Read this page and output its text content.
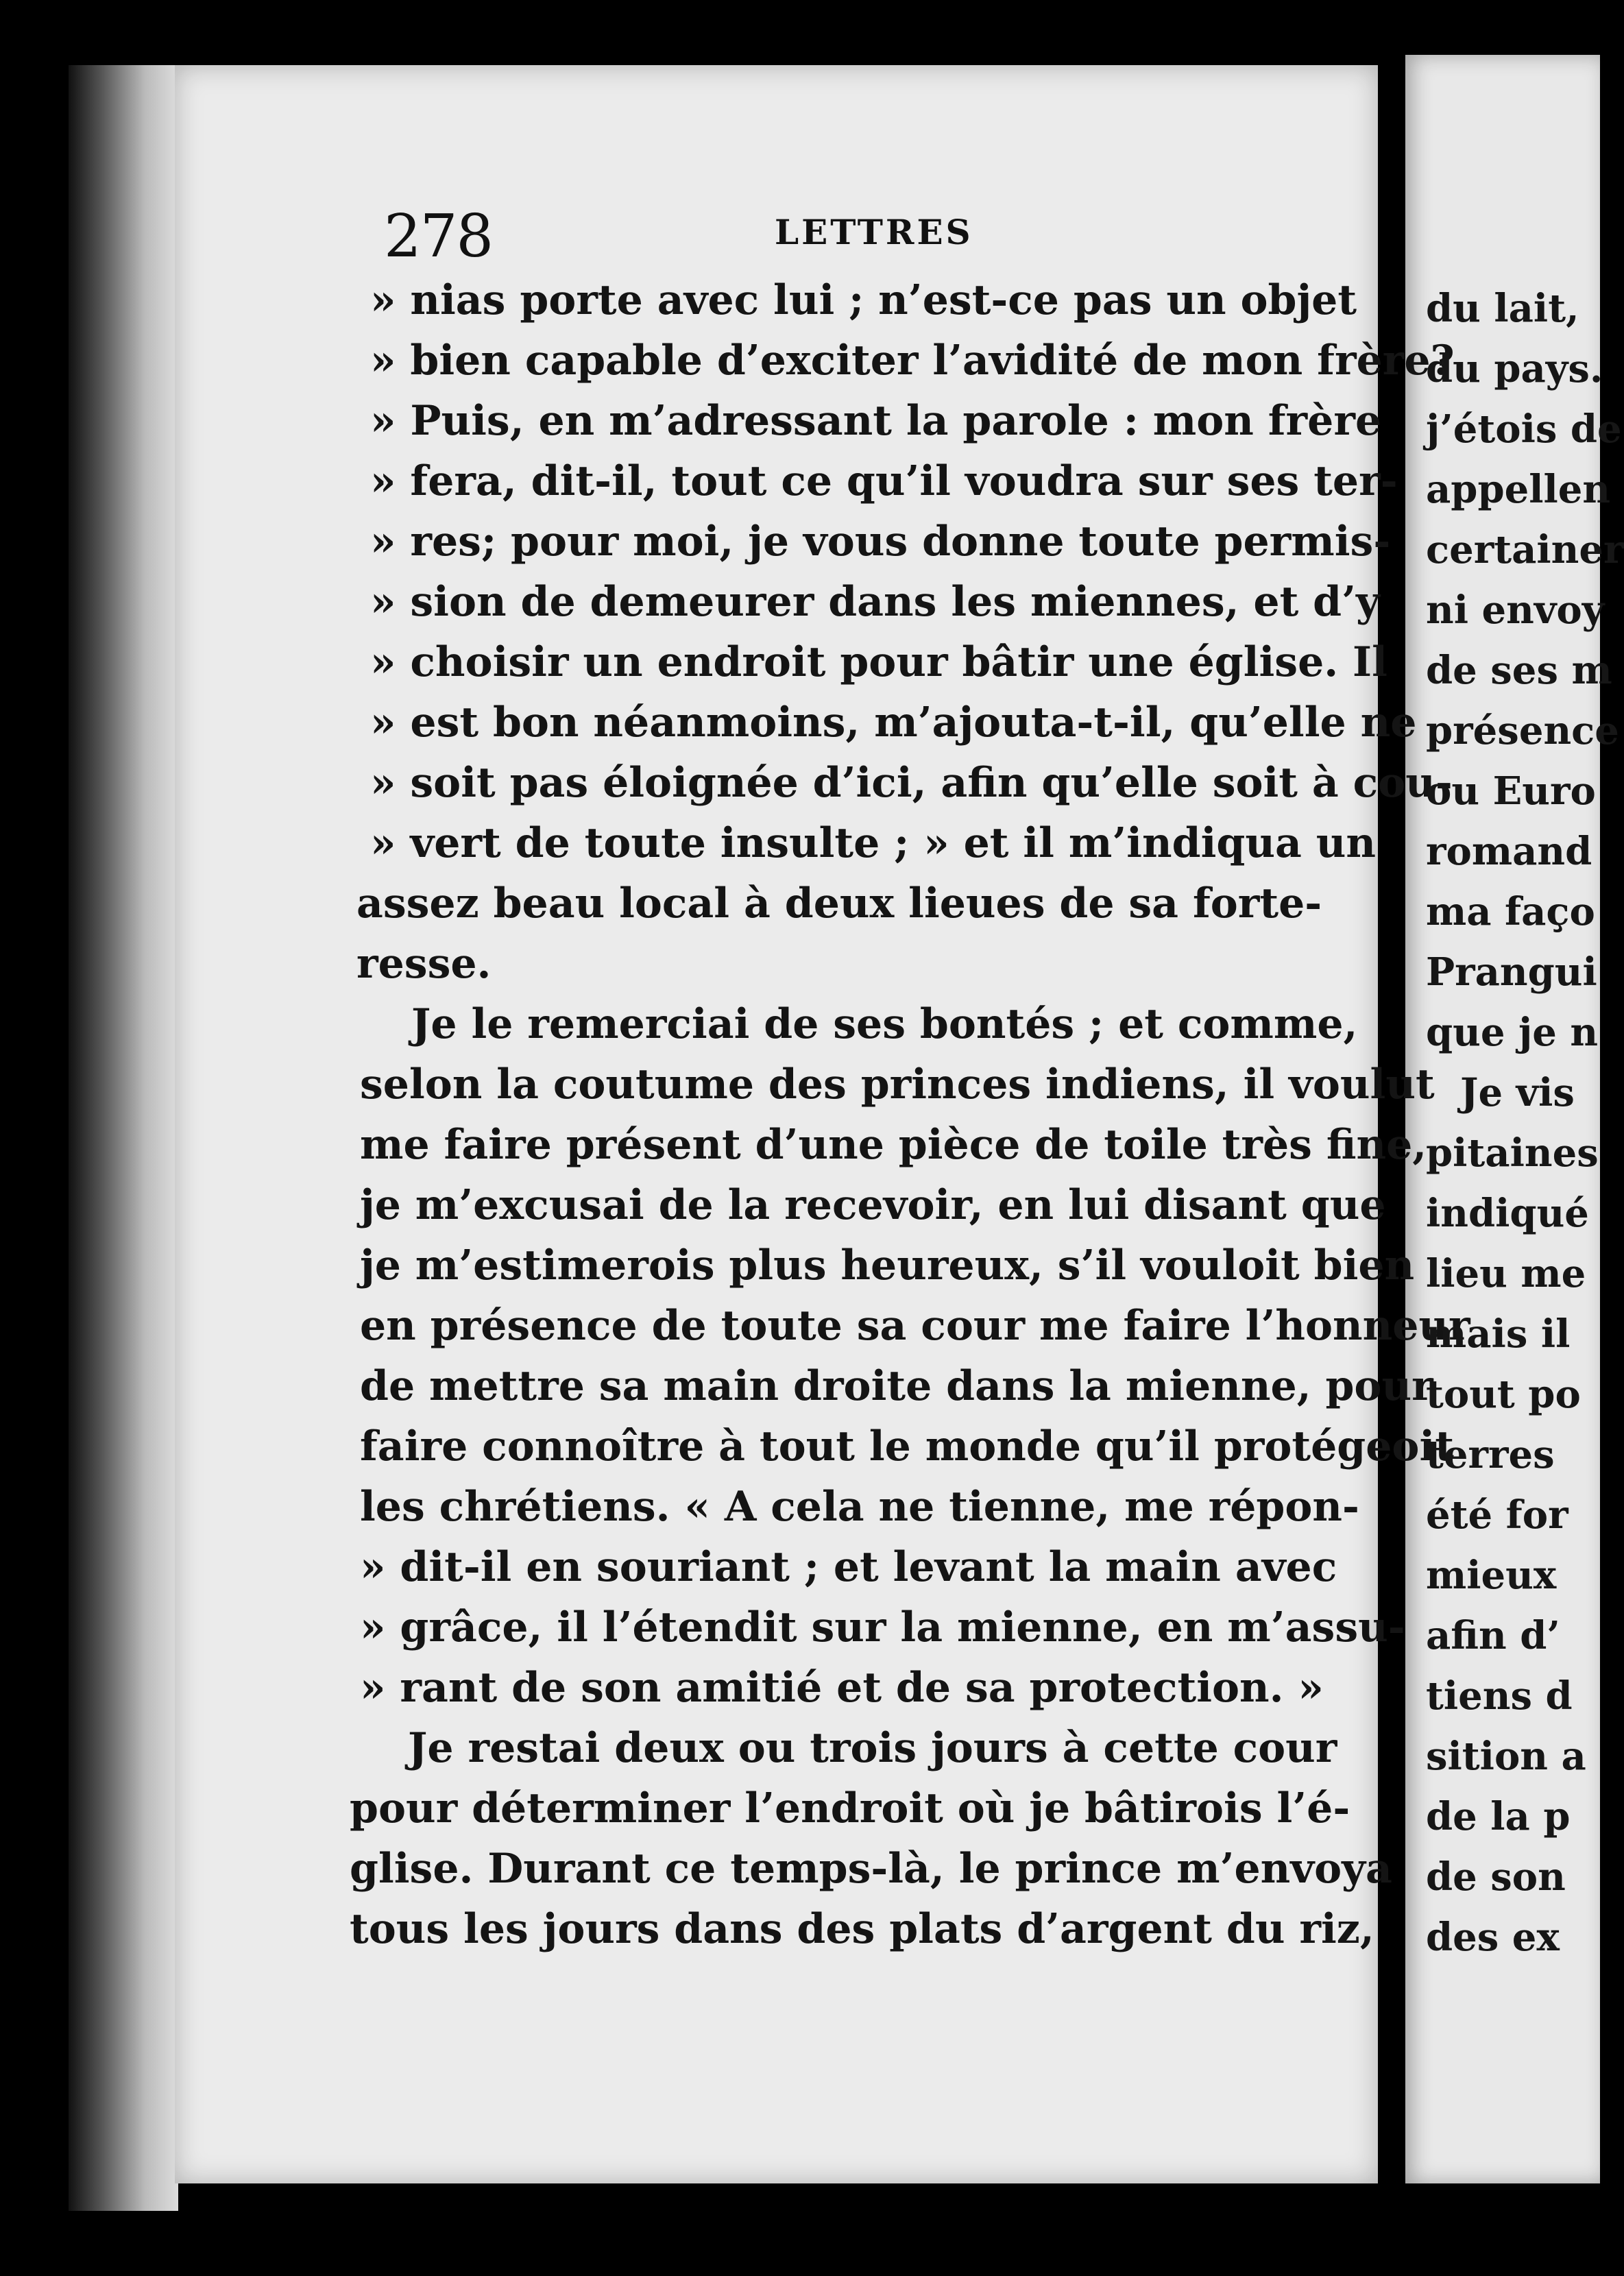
278	LETTRES
» nias porte avec lui ; n’est-ce pas un objet
» bien capable d’exciter l’avidité de mon frère?
» Puis, en m’adressant la parole : mon frère
» fera, dit-il, tout ce qu’il voudra sur ses ter-
» res; pour moi, je vous donne toute permis-
» sion de demeurer dans les miennes, et d’y
» choisir un endroit pour bâtir une église. Il
» est bon néanmoins, m’ajouta-t-il, qu’elle ne
» soit pas éloignée d’ici, afin qu’elle soit à cou-
» vert de toute insulte ; » et il m’indiqua un
assez beau local à deux lieues de sa forte-
resse.
Je le remerciai de ses bontés ; et comme,
selon la coutume des princes indiens, il voulut
me faire présent d’une pièce de toile très fine,
je m’excusai de la recevoir, en lui disant que
je m’estimerois plus heureux, s’il vouloit bien
en présence de toute sa cour me faire l’honneur
de mettre sa main droite dans la mienne, pour
faire connoître à tout le monde qu’il protégeoit
les chrétiens. « A cela ne tienne, me répon-
» dit-il en souriant ; et levant la main avec
» grâce, il l’étendit sur la mienne, en m’assu-
» rant de son amitié et de sa protection. »
Je restai deux ou trois jours à cette cour
pour déterminer l’endroit où je bâtirois l’é-
glise. Durant ce temps-là, le prince m’envoya
tous les jours dans des plats d’argent du riz,
du lait,
du pays.
j’étois de
appellen
certainer
ni envoy
de ses m
présence
ou Euro
romand
ma faço
Prangui
que je n
Je vis
pitaines
indiqué
lieu me
mais il
tout po
terres
été for
mieux
afin d’
tiens d
sition a
de la p
de son
des ex
